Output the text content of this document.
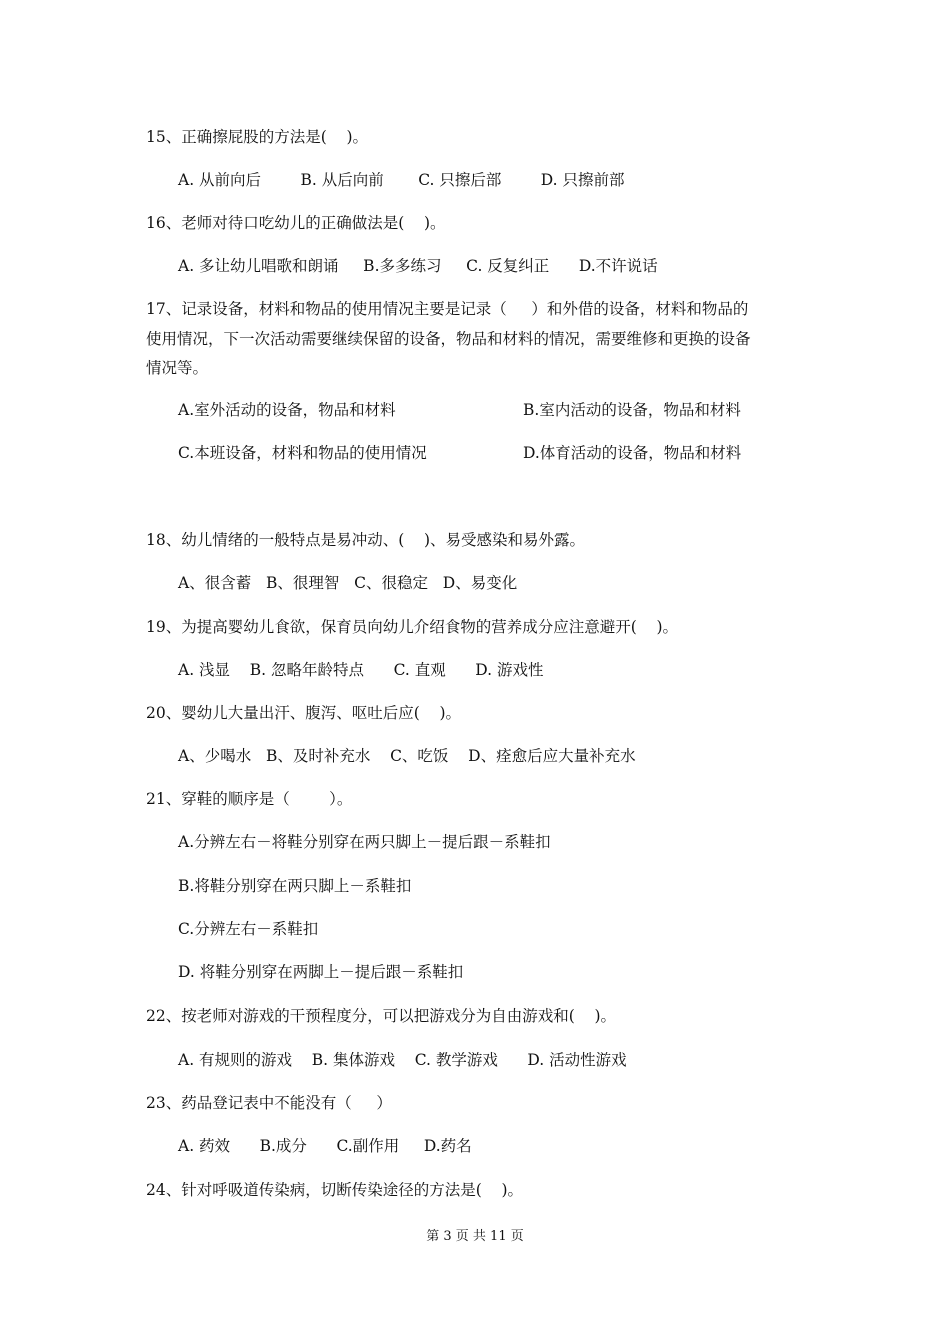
15、正确擦屁股的方法是(    )。
A. 从前向后        B. 从后向前       C. 只擦后部        D. 只擦前部
16、老师对待口吃幼儿的正确做法是(    )。
A. 多让幼儿唱歌和朗诵     B.多多练习     C. 反复纠正      D.不许说话
17、记录设备，材料和物品的使用情况主要是记录（     ）和外借的设备，材料和物品的
使用情况，下一次活动需要继续保留的设备，物品和材料的情况，需要维修和更换的设备
情况等。
A.室外活动的设备，物品和材料	B.室内活动的设备，物品和材料
C.本班设备，材料和物品的使用情况	D.体育活动的设备，物品和材料
18、幼儿情绪的一般特点是易冲动、(    )、易受感染和易外露。
A、很含蓄   B、很理智   C、很稳定   D、易变化
19、为提高婴幼儿食欲，保育员向幼儿介绍食物的营养成分应注意避开(    )。
A. 浅显    B. 忽略年龄特点      C. 直观      D. 游戏性
20、婴幼儿大量出汗、腹泻、呕吐后应(    )。
A、少喝水   B、及时补充水    C、吃饭    D、痊愈后应大量补充水
21、穿鞋的顺序是（        ）。
A.分辨左右－将鞋分别穿在两只脚上－提后跟－系鞋扣
B.将鞋分别穿在两只脚上－系鞋扣
C.分辨左右－系鞋扣
D. 将鞋分别穿在两脚上－提后跟－系鞋扣
22、按老师对游戏的干预程度分，可以把游戏分为自由游戏和(    )。
A. 有规则的游戏    B. 集体游戏    C. 教学游戏      D. 活动性游戏
23、药品登记表中不能没有（     ）
A. 药效      B.成分      C.副作用     D.药名
24、针对呼吸道传染病，切断传染途径的方法是(    )。
第 3 页 共 11 页
